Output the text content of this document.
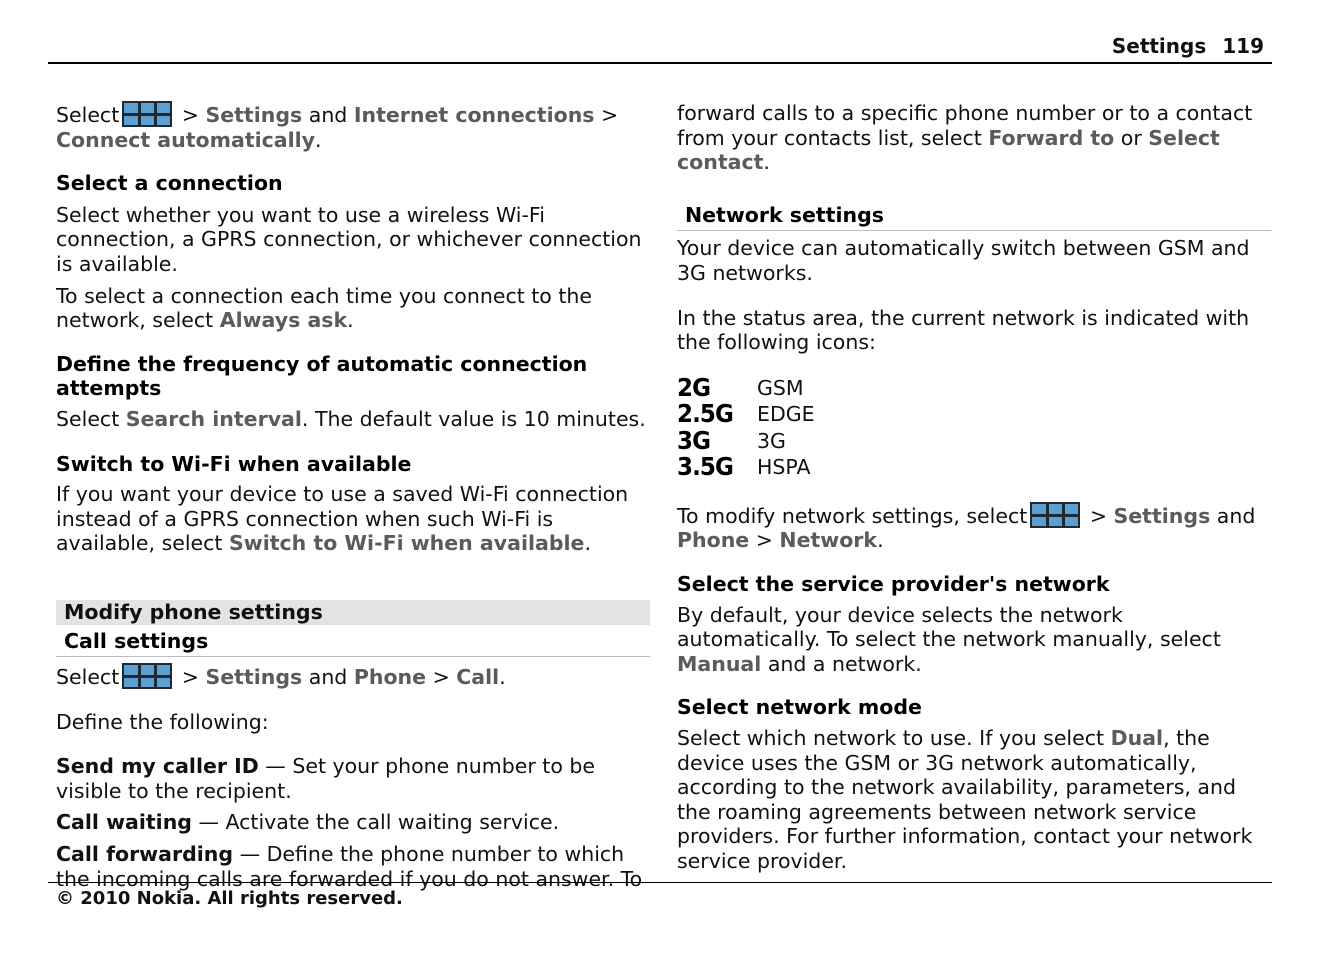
Settings 119

Select	> Settings and Internet connections >
Connect automatically.

Select a connection

Select whether you want to use a wireless Wi-Fi connection, a GPRS connection, or whichever connection is available.

To select a connection each time you connect to the network, select Always ask.

Define the frequency of automatic connection attempts

Select Search interval. The default value is 10 minutes.

Switch to Wi-Fi when available

If you want your device to use a saved Wi-Fi connection instead of a GPRS connection when such Wi-Fi is available, select Switch to Wi-Fi when available.

Modify phone settings

Call settings

Select	> Settings and Phone > Call.

Define the following:

Send my caller ID — Set your phone number to be visible to the recipient.

Call waiting — Activate the call waiting service.

Call forwarding — Define the phone number to which the incoming calls are forwarded if you do not answer. To

forward calls to a specific phone number or to a contact from your contacts list, select Forward to or Select contact.

Network settings

Your device can automatically switch between GSM and 3G networks.

In the status area, the current network is indicated with the following icons:

2G	GSM
2.5G	EDGE
3G	3G
3.5G	HSPA

To modify network settings, select	> Settings and
Phone > Network.

Select the service provider's network

By default, your device selects the network automatically. To select the network manually, select Manual and a network.

Select network mode

Select which network to use. If you select Dual, the device uses the GSM or 3G network automatically, according to the network availability, parameters, and the roaming agreements between network service providers. For further information, contact your network service provider.

© 2010 Nokia. All rights reserved.
